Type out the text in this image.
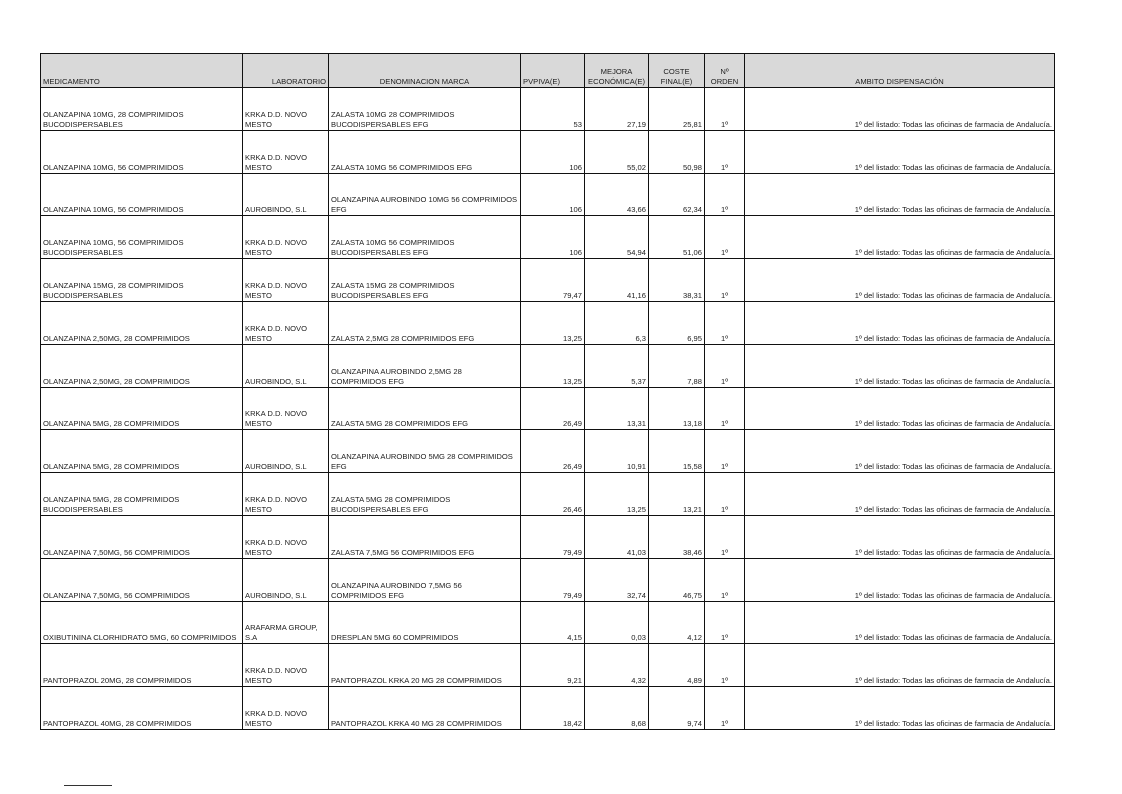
MEDICAMENTO	LABORATORIO	DENOMINACION MARCA	PVPIVA(E)	MEJORA ECONÓMICA(E)	COSTE FINAL(E)	Nº ORDEN	AMBITO DISPENSACIÓN

OLANZAPINA 10MG, 28 COMPRIMIDOS BUCODISPERSABLES	KRKA D.D. NOVO MESTO	ZALASTA 10MG 28 COMPRIMIDOS BUCODISPERSABLES EFG	53	27,19	25,81	1º	1º del listado: Todas las oficinas de farmacia de Andalucía.

OLANZAPINA 10MG, 56 COMPRIMIDOS	KRKA D.D. NOVO MESTO	ZALASTA 10MG 56 COMPRIMIDOS EFG	106	55,02	50,98	1º	1º del listado: Todas las oficinas de farmacia de Andalucía.

OLANZAPINA 10MG, 56 COMPRIMIDOS	AUROBINDO, S.L	OLANZAPINA AUROBINDO 10MG 56 COMPRIMIDOS EFG	106	43,66	62,34	1º	1º del listado: Todas las oficinas de farmacia de Andalucía.

OLANZAPINA 10MG, 56 COMPRIMIDOS BUCODISPERSABLES	KRKA D.D. NOVO MESTO	ZALASTA 10MG 56 COMPRIMIDOS BUCODISPERSABLES EFG	106	54,94	51,06	1º	1º del listado: Todas las oficinas de farmacia de Andalucía.

OLANZAPINA 15MG, 28 COMPRIMIDOS BUCODISPERSABLES	KRKA D.D. NOVO MESTO	ZALASTA 15MG 28 COMPRIMIDOS BUCODISPERSABLES EFG	79,47	41,16	38,31	1º	1º del listado: Todas las oficinas de farmacia de Andalucía.

OLANZAPINA 2,50MG, 28 COMPRIMIDOS	KRKA D.D. NOVO MESTO	ZALASTA 2,5MG 28 COMPRIMIDOS EFG	13,25	6,3	6,95	1º	1º del listado: Todas las oficinas de farmacia de Andalucía.

OLANZAPINA 2,50MG, 28 COMPRIMIDOS	AUROBINDO, S.L	OLANZAPINA AUROBINDO 2,5MG 28 COMPRIMIDOS EFG	13,25	5,37	7,88	1º	1º del listado: Todas las oficinas de farmacia de Andalucía.

OLANZAPINA 5MG, 28 COMPRIMIDOS	KRKA D.D. NOVO MESTO	ZALASTA 5MG 28 COMPRIMIDOS EFG	26,49	13,31	13,18	1º	1º del listado: Todas las oficinas de farmacia de Andalucía.

OLANZAPINA 5MG, 28 COMPRIMIDOS	AUROBINDO, S.L	OLANZAPINA AUROBINDO 5MG 28 COMPRIMIDOS EFG	26,49	10,91	15,58	1º	1º del listado: Todas las oficinas de farmacia de Andalucía.

OLANZAPINA 5MG, 28 COMPRIMIDOS BUCODISPERSABLES	KRKA D.D. NOVO MESTO	ZALASTA 5MG 28 COMPRIMIDOS BUCODISPERSABLES EFG	26,46	13,25	13,21	1º	1º del listado: Todas las oficinas de farmacia de Andalucía.

OLANZAPINA 7,50MG, 56 COMPRIMIDOS	KRKA D.D. NOVO MESTO	ZALASTA 7,5MG 56 COMPRIMIDOS EFG	79,49	41,03	38,46	1º	1º del listado: Todas las oficinas de farmacia de Andalucía.

OLANZAPINA 7,50MG, 56 COMPRIMIDOS	AUROBINDO, S.L	OLANZAPINA AUROBINDO 7,5MG 56 COMPRIMIDOS EFG	79,49	32,74	46,75	1º	1º del listado: Todas las oficinas de farmacia de Andalucía.

OXIBUTININA CLORHIDRATO 5MG, 60 COMPRIMIDOS	ARAFARMA GROUP, S.A	DRESPLAN 5MG 60 COMPRIMIDOS	4,15	0,03	4,12	1º	1º del listado: Todas las oficinas de farmacia de Andalucía.

PANTOPRAZOL 20MG, 28 COMPRIMIDOS	KRKA D.D. NOVO MESTO	PANTOPRAZOL KRKA 20 MG 28 COMPRIMIDOS	9,21	4,32	4,89	1º	1º del listado: Todas las oficinas de farmacia de Andalucía.

PANTOPRAZOL 40MG, 28 COMPRIMIDOS	KRKA D.D. NOVO MESTO	PANTOPRAZOL KRKA 40 MG 28 COMPRIMIDOS	18,42	8,68	9,74	1º	1º del listado: Todas las oficinas de farmacia de Andalucía.
